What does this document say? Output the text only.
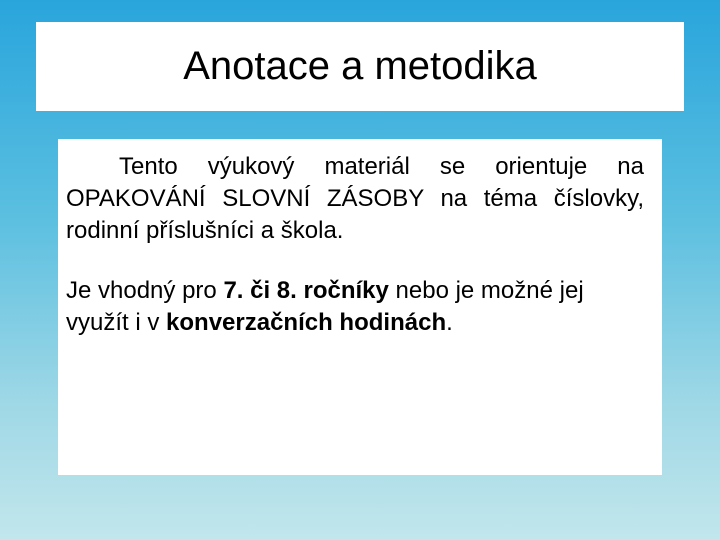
Anotace a metodika

Tento výukový materiál se orientuje na OPAKOVÁNÍ SLOVNÍ ZÁSOBY na téma číslovky, rodinní příslušníci a škola.

Je vhodný pro 7. či 8. ročníky nebo je možné jej využít i v konverzačních hodinách.
